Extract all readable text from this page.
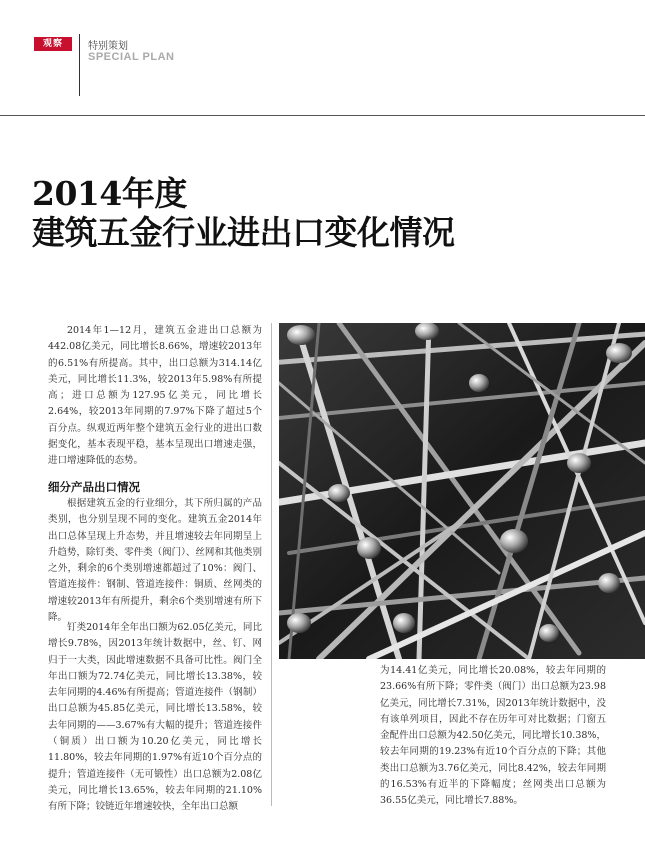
观察	特别策划
SPECIAL PLAN
2014年度
建筑五金行业进出口变化情况

2014年1—12月，建筑五金进出口总额为442.08亿美元，同比增长8.66%，增速较2013年的6.51%有所提高。其中，出口总额为314.14亿美元，同比增长11.3%，较2013年5.98%有所提高；进口总额为127.95亿美元，同比增长2.64%，较2013年同期的7.97%下降了超过5个百分点。纵观近两年整个建筑五金行业的进出口数据变化，基本表现平稳，基本呈现出口增速走强，进口增速降低的态势。

细分产品出口情况

根据建筑五金的行业细分，其下所归属的产品类别，也分别呈现不同的变化。建筑五金2014年出口总体呈现上升态势，并且增速较去年同期呈上升趋势，除钉类、零件类（阀门）、丝网和其他类别之外，剩余的6个类别增速都超过了10%：阀门、管道连接件：钢制、管道连接件：铜质、丝网类的增速较2013年有所提升，剩余6个类别增速有所下降。

钉类2014年全年出口额为62.05亿美元，同比增长9.78%，因2013年统计数据中，丝、钉、网归于一大类，因此增速数据不具备可比性。阀门全年出口额为72.74亿美元，同比增长13.38%，较去年同期的4.46%有所提高；管道连接件（钢制）出口总额为45.85亿美元，同比增长13.58%，较去年同期的——3.67%有大幅的提升；管道连接件（铜质）出口额为10.20亿美元，同比增长11.80%，较去年同期的1.97%有近10个百分点的提升；管道连接件（无可锻性）出口总额为2.08亿美元，同比增长13.65%，较去年同期的21.10%有所下降；铰链近年增速较快，全年出口总额

为14.41亿美元，同比增长20.08%，较去年同期的23.66%有所下降；零件类（阀门）出口总额为23.98亿美元，同比增长7.31%，因2013年统计数据中，没有该单列项目，因此不存在历年可对比数据；门窗五金配件出口总额为42.50亿美元，同比增长10.38%，较去年同期的19.23%有近10个百分点的下降；其他类出口总额为3.76亿美元，同比8.42%，较去年同期的16.53%有近半的下降幅度；丝网类出口总额为36.55亿美元，同比增长7.88%。
